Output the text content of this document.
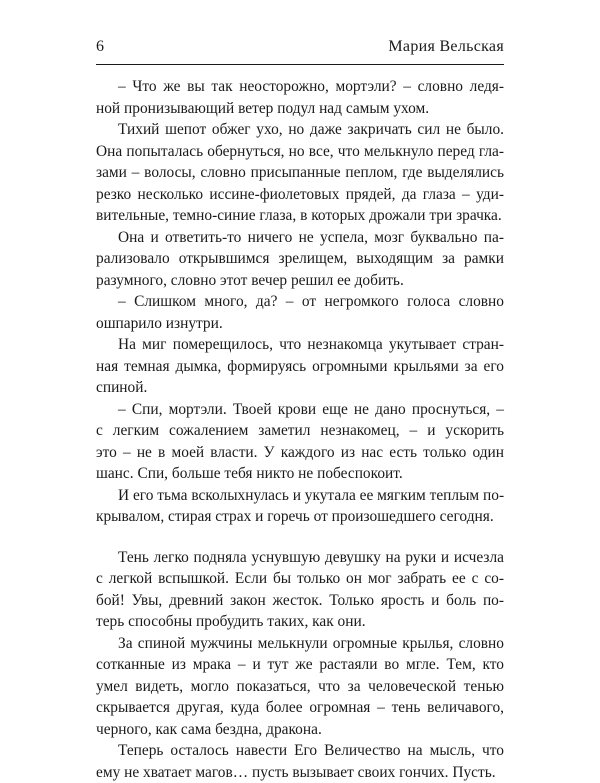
6	Мария Вельская
– Что же вы так неосторожно, мортэли? – словно ледя-
ной пронизывающий ветер подул над самым ухом.
Тихий шепот обжег ухо, но даже закричать сил не было.
Она попыталась обернуться, но все, что мелькнуло перед гла-
зами – волосы, словно присыпанные пеплом, где выделялись
резко несколько иссине-фиолетовых прядей, да глаза – уди-
вительные, темно-синие глаза, в которых дрожали три зрачка.
Она и ответить-то ничего не успела, мозг буквально па-
рализовало открывшимся зрелищем, выходящим за рамки
разумного, словно этот вечер решил ее добить.
– Слишком много, да? – от негромкого голоса словно
ошпарило изнутри.
На миг померещилось, что незнакомца укутывает стран-
ная темная дымка, формируясь огромными крыльями за его
спиной.
– Спи, мортэли. Твоей крови еще не дано проснуться, –
с легким сожалением заметил незнакомец, – и ускорить
это – не в моей власти. У каждого из нас есть только один
шанс. Спи, больше тебя никто не побеспокоит.
И его тьма всколыхнулась и укутала ее мягким теплым по-
крывалом, стирая страх и горечь от произошедшего сегодня.
Тень легко подняла уснувшую девушку на руки и исчезла
с легкой вспышкой. Если бы только он мог забрать ее с со-
бой! Увы, древний закон жесток. Только ярость и боль по-
терь способны пробудить таких, как они.
За спиной мужчины мелькнули огромные крылья, словно
сотканные из мрака – и тут же растаяли во мгле. Тем, кто
умел видеть, могло показаться, что за человеческой тенью
скрывается другая, куда более огромная – тень величавого,
черного, как сама бездна, дракона.
Теперь осталось навести Его Величество на мысль, что
ему не хватает магов… пусть вызывает своих гончих. Пусть.
